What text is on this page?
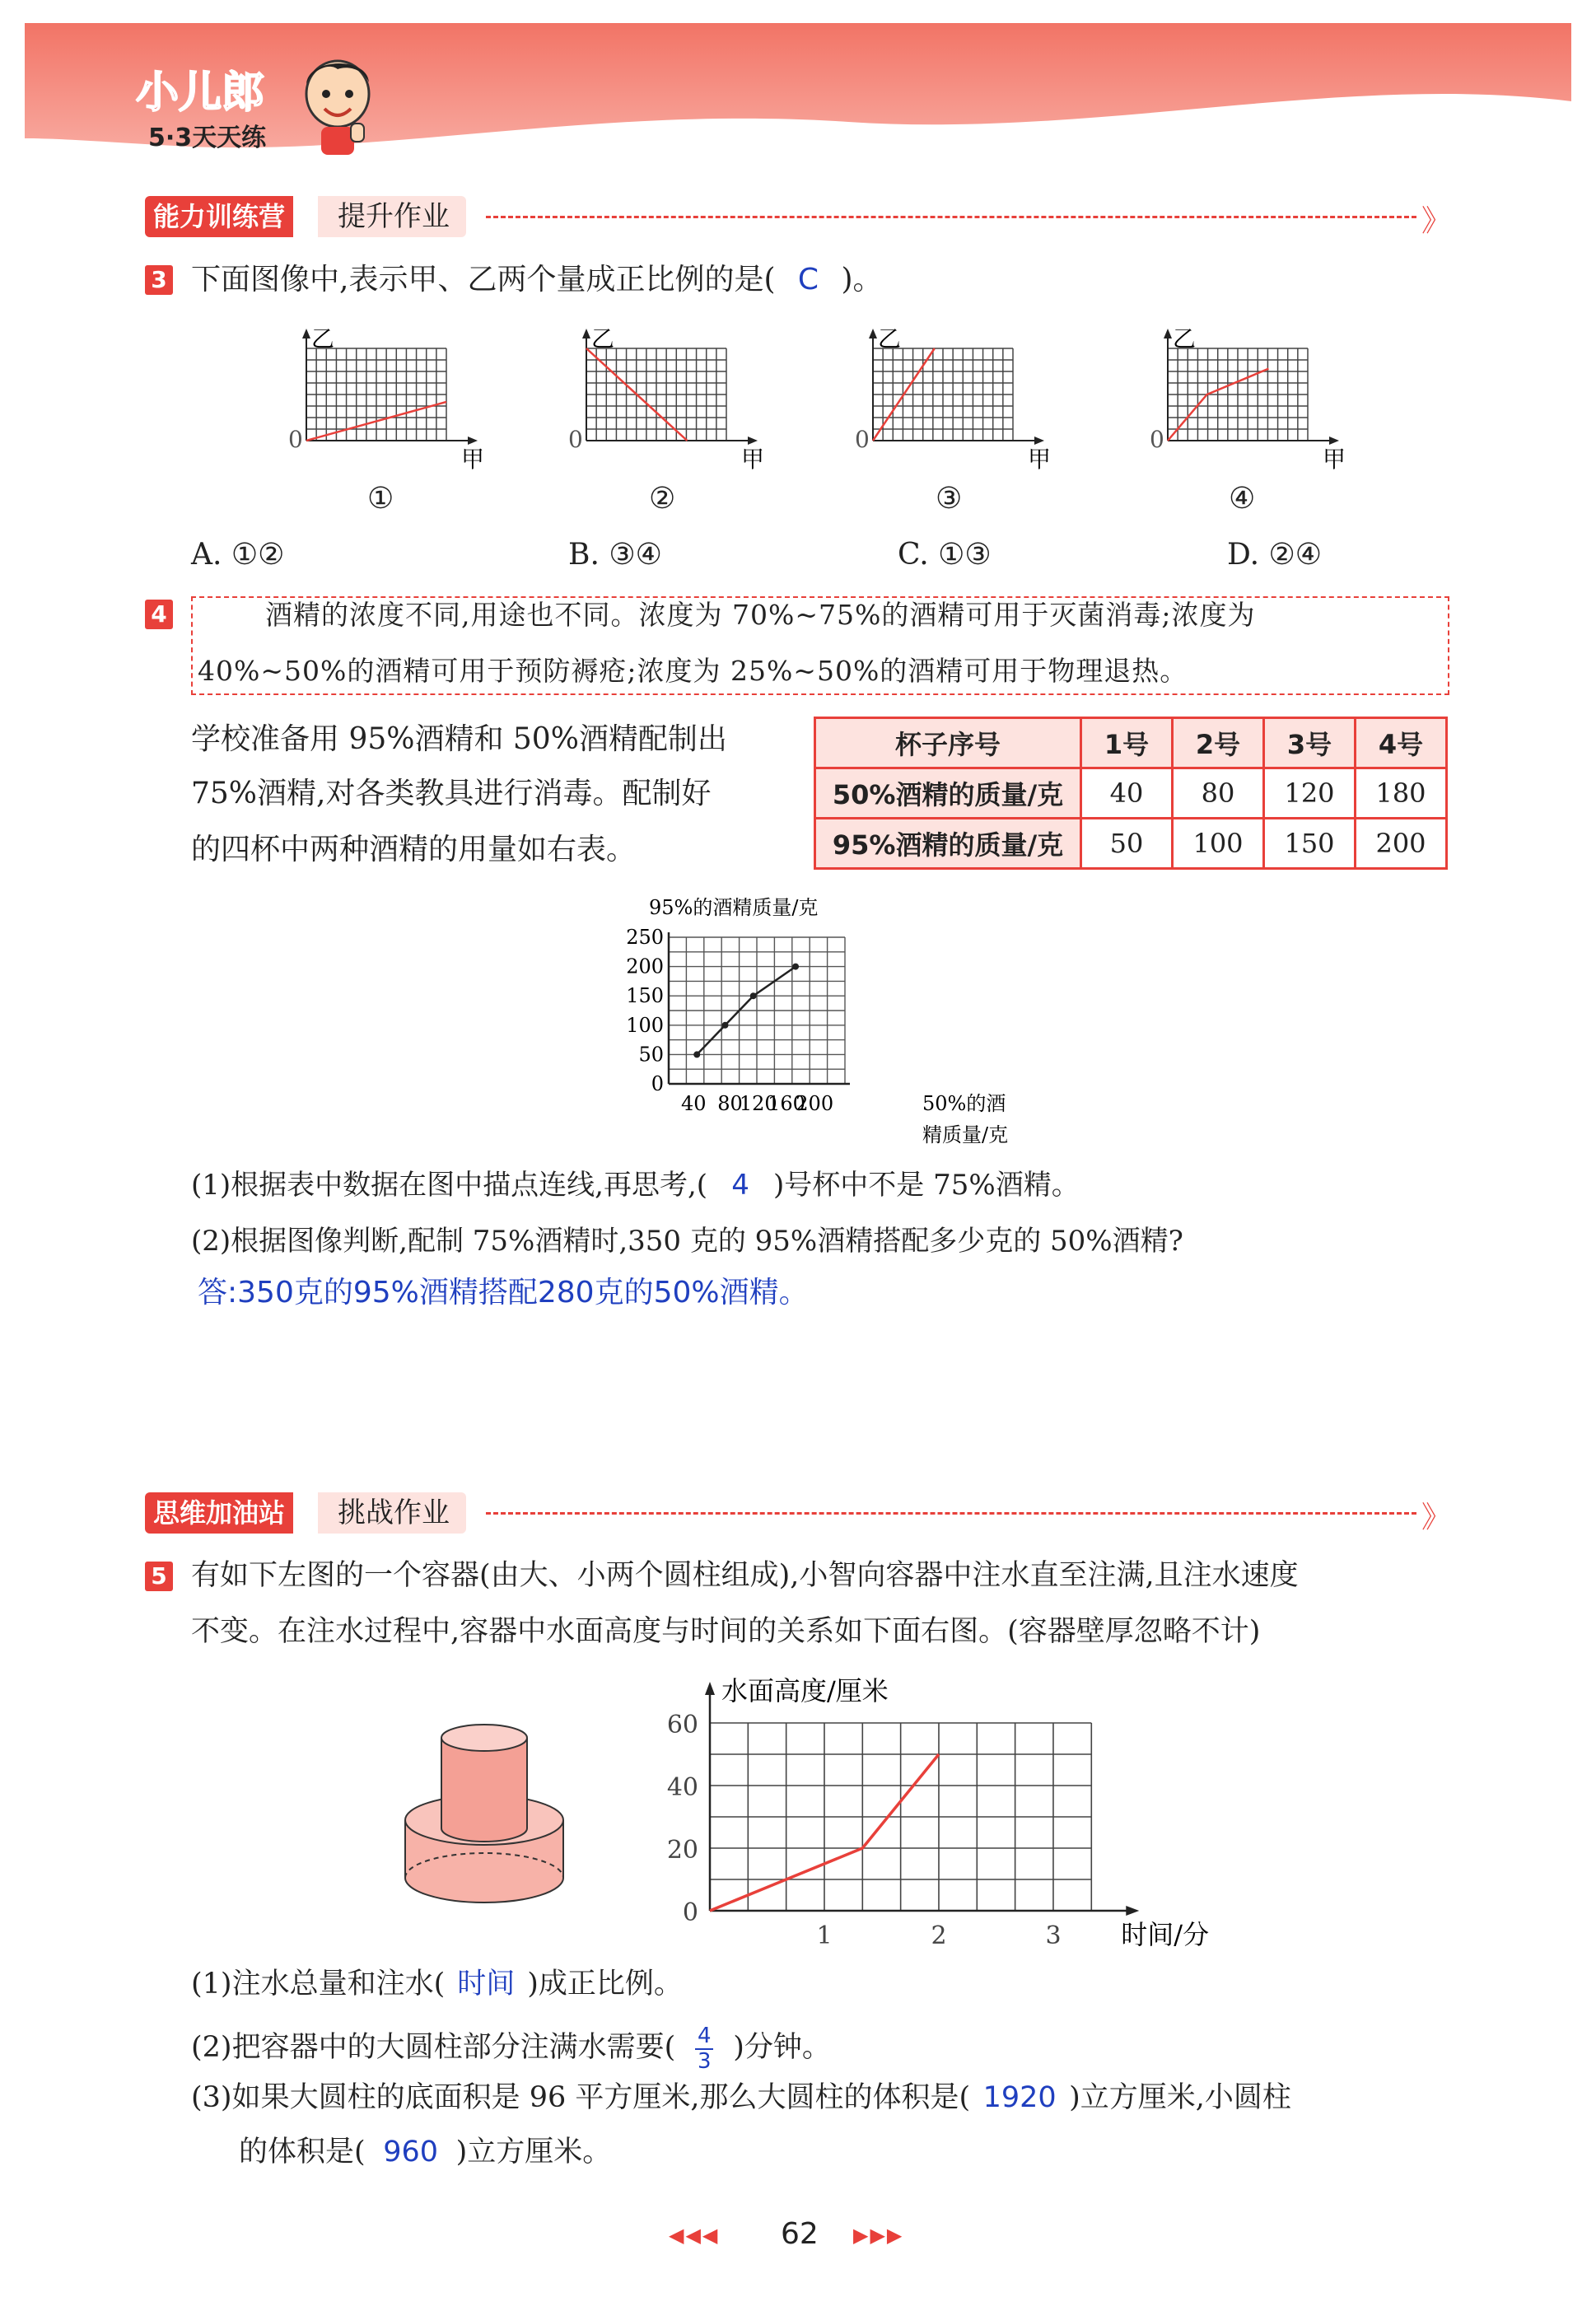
小儿郎
5·3天天练
能力训练营	提升作业	》
3 下面图像中,表示甲、乙两个量成正比例的是( C )。
乙
甲
0
乙
甲
0
乙
甲
0
乙
甲
0
①	②	③	④
A. ①②	B. ③④	C. ①③	D. ②④
4	酒精的浓度不同,用途也不同。浓度为 70%~75%的酒精可用于灭菌消毒;浓度为
40%~50%的酒精可用于预防褥疮;浓度为 25%~50%的酒精可用于物理退热。
学校准备用 95%酒精和 50%酒精配制出
75%酒精,对各类教具进行消毒。配制好
的四杯中两种酒精的用量如右表。
杯子序号	1号	2号	3号	4号
50%酒精的质量/克	40	80	120	180
95%酒精的质量/克	50	100	150	200
95%的酒精质量/克
0
50
100
150
200
250
40 80
120
160
200	50%的酒
精质量/克
(1)根据表中数据在图中描点连线,再思考,( 4 )号杯中不是 75%酒精。
(2)根据图像判断,配制 75%酒精时,350 克的 95%酒精搭配多少克的 50%酒精?
答:350克的95%酒精搭配280克的50%酒精。
思维加油站	挑战作业	》
5 有如下左图的一个容器(由大、小两个圆柱组成),小智向容器中注水直至注满,且注水速度
不变。在注水过程中,容器中水面高度与时间的关系如下面右图。(容器壁厚忽略不计)
水面高度/厘米
时间/分
0
20
40
60
1	2	3
(1)注水总量和注水( 时间 )成正比例。
(2)把容器中的大圆柱部分注满水需要( $\frac{4}{3}$ )分钟。
(3)如果大圆柱的底面积是 96 平方厘米,那么大圆柱的体积是( 1920 )立方厘米,小圆柱
的体积是( 960 )立方厘米。
◀◀◀ 62 ▶▶▶
